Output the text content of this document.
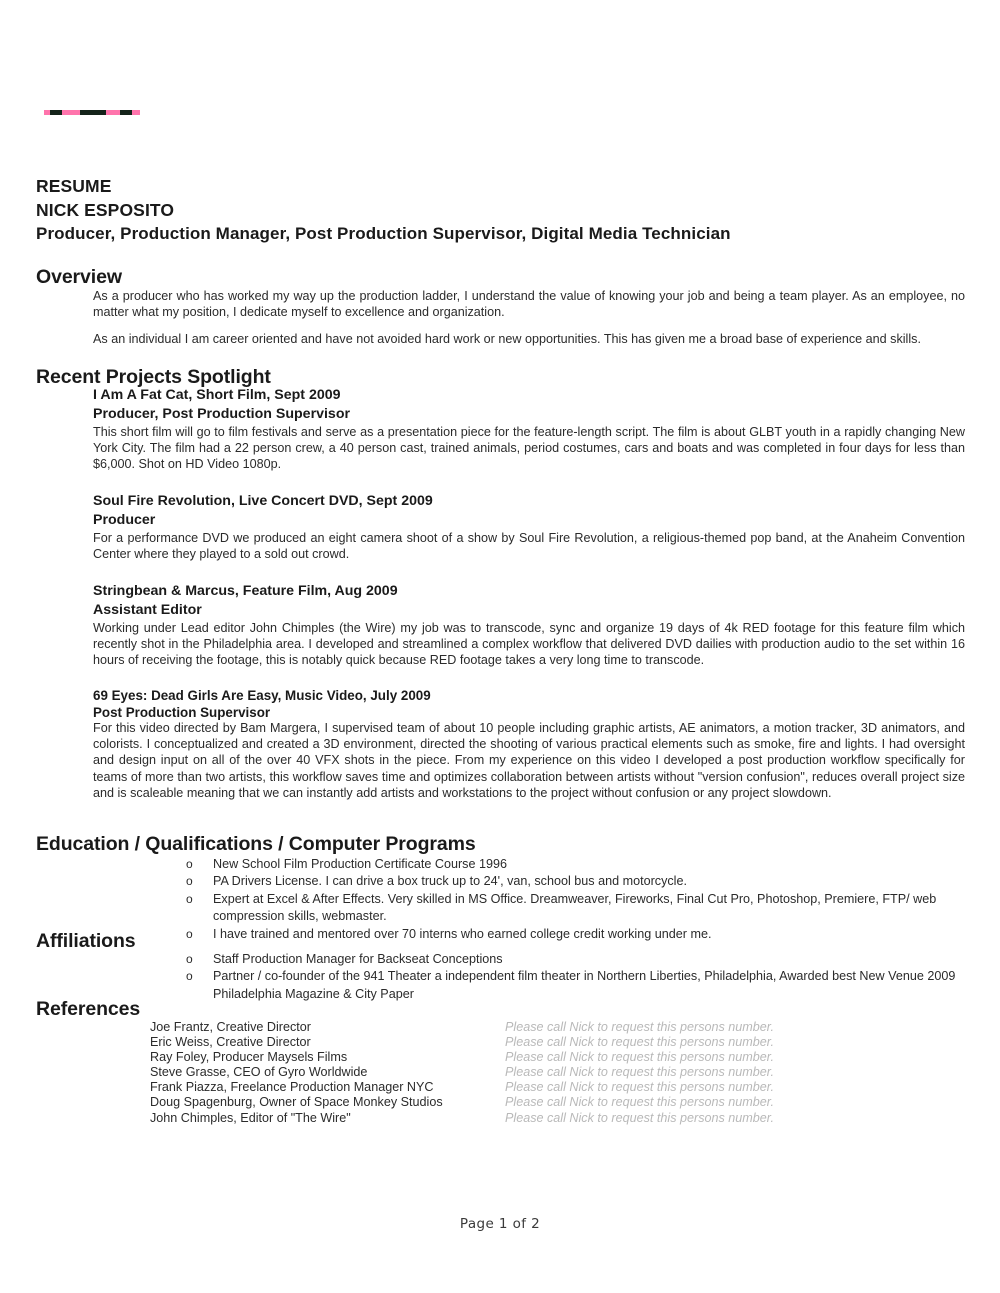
RESUME
NICK ESPOSITO
Producer, Production Manager, Post Production Supervisor, Digital Media Technician
Overview
As a producer who has worked my way up the production ladder, I understand the value of knowing your job and being a team player. As an employee, no matter what my position, I dedicate myself to excellence and organization.
As an individual I am career oriented and have not avoided hard work or new opportunities. This has given me a broad base of experience and skills.
Recent Projects Spotlight
I Am A Fat Cat, Short Film, Sept 2009
Producer, Post Production Supervisor
This short film will go to film festivals and serve as a presentation piece for the feature-length script. The film is about GLBT youth in a rapidly changing New York City. The film had a 22 person crew, a 40 person cast, trained animals, period costumes, cars and boats and was completed in four days for less than $6,000. Shot on HD Video 1080p.
Soul Fire Revolution, Live Concert DVD, Sept 2009
Producer
For a performance DVD we produced an eight camera shoot of a show by Soul Fire Revolution, a religious-themed pop band, at the Anaheim Convention Center where they played to a sold out crowd.
Stringbean & Marcus, Feature Film, Aug 2009
Assistant Editor
Working under Lead editor John Chimples (the Wire) my job was to transcode, sync and organize 19 days of 4k RED footage for this feature film which recently shot in the Philadelphia area. I developed and streamlined a complex workflow that delivered DVD dailies with production audio to the set within 16 hours of receiving the footage, this is notably quick because RED footage takes a very long time to transcode.
69 Eyes: Dead Girls Are Easy, Music Video, July 2009
Post Production Supervisor
For this video directed by Bam Margera, I supervised team of about 10 people including graphic artists, AE animators, a motion tracker, 3D animators, and colorists. I conceptualized and created a 3D environment, directed the shooting of various practical elements such as smoke, fire and lights. I had oversight and design input on all of the over 40 VFX shots in the piece. From my experience on this video I developed a post production workflow specifically for teams of more than two artists, this workflow saves time and optimizes collaboration between artists without "version confusion", reduces overall project size and is scaleable meaning that we can instantly add artists and workstations to the project without confusion or any project slowdown.
Education / Qualifications / Computer Programs
o New School Film Production Certificate Course 1996
o PA Drivers License. I can drive a box truck up to 24', van, school bus and motorcycle.
o Expert at Excel & After Effects. Very skilled in MS Office. Dreamweaver, Fireworks, Final Cut Pro, Photoshop, Premiere, FTP/ web compression skills, webmaster.
o I have trained and mentored over 70 interns who earned college credit working under me.
Affiliations
o Staff Production Manager for Backseat Conceptions
o Partner / co-founder of the 941 Theater a independent film theater in Northern Liberties, Philadelphia, Awarded best New Venue 2009 Philadelphia Magazine & City Paper
References
Joe Frantz, Creative Director	Please call Nick to request this persons number.
Eric Weiss, Creative Director	Please call Nick to request this persons number.
Ray Foley, Producer Maysels Films	Please call Nick to request this persons number.
Steve Grasse, CEO of Gyro Worldwide	Please call Nick to request this persons number.
Frank Piazza, Freelance Production Manager NYC	Please call Nick to request this persons number.
Doug Spagenburg, Owner of Space Monkey Studios	Please call Nick to request this persons number.
John Chimples, Editor of "The Wire"	Please call Nick to request this persons number.
Page 1 of 2
